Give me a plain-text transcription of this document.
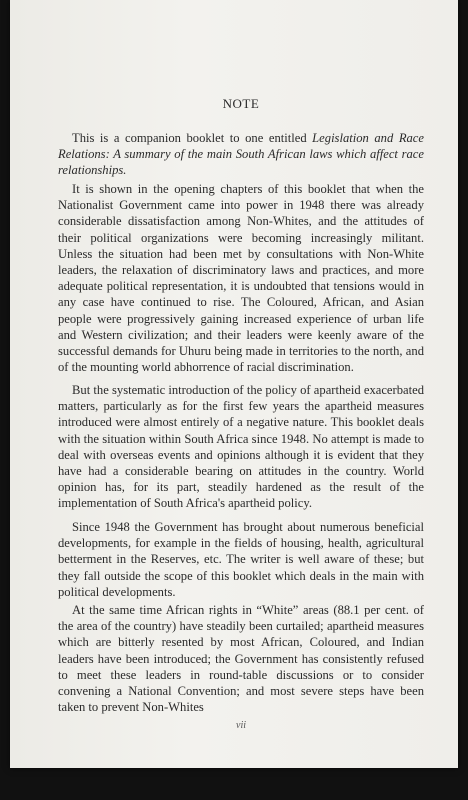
NOTE

This is a companion booklet to one entitled Legislation and Race Relations: A summary of the main South African laws which affect race relationships.

It is shown in the opening chapters of this booklet that when the Nationalist Government came into power in 1948 there was already considerable dissatisfaction among Non-Whites, and the attitudes of their political organizations were becoming increasingly militant. Unless the situation had been met by consultations with Non-White leaders, the relaxation of discriminatory laws and practices, and more adequate political representation, it is undoubted that tensions would in any case have continued to rise. The Coloured, African, and Asian people were progressively gaining increased experience of urban life and Western civilization; and their leaders were keenly aware of the successful demands for Uhuru being made in territories to the north, and of the mounting world abhorrence of racial discrimination.

But the systematic introduction of the policy of apartheid exacerbated matters, particularly as for the first few years the apartheid measures introduced were almost entirely of a negative nature. This booklet deals with the situation within South Africa since 1948. No attempt is made to deal with overseas events and opinions although it is evident that they have had a considerable bearing on attitudes in the country. World opinion has, for its part, steadily hardened as the result of the implementation of South Africa's apartheid policy.

Since 1948 the Government has brought about numerous beneficial developments, for example in the fields of housing, health, agricultural betterment in the Reserves, etc. The writer is well aware of these; but they fall outside the scope of this booklet which deals in the main with political developments.

At the same time African rights in “White” areas (88.1 per cent. of the area of the country) have steadily been curtailed; apartheid measures which are bitterly resented by most African, Coloured, and Indian leaders have been introduced; the Government has consistently refused to meet these leaders in round-table discussions or to consider convening a National Convention; and most severe steps have been taken to prevent Non-Whites

vii
